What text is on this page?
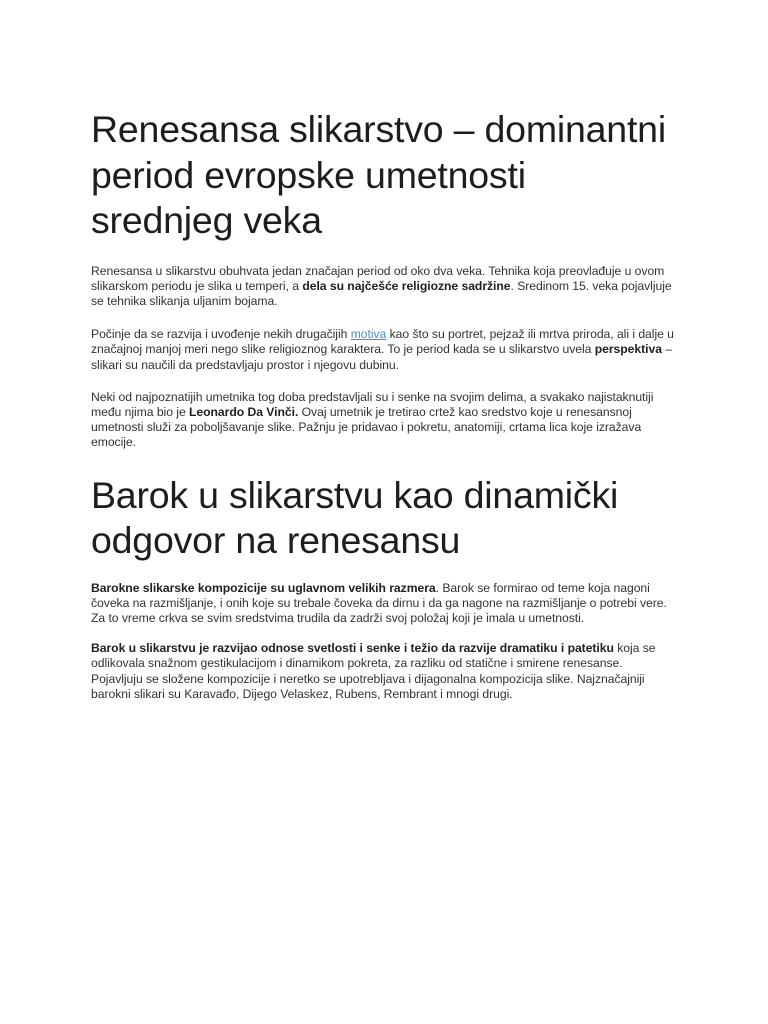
Renesansa slikarstvo – dominantni period evropske umetnosti srednjeg veka

Renesansa u slikarstvu obuhvata jedan značajan period od oko dva veka. Tehnika koja preovlađuje u ovom slikarskom periodu je slika u temperi, a dela su najčešće religiozne sadržine. Sredinom 15. veka pojavljuje se tehnika slikanja uljanim bojama.

Počinje da se razvija i uvođenje nekih drugačijih motiva kao što su portret, pejzaž ili mrtva priroda, ali i dalje u značajnoj manjoj meri nego slike religioznog karaktera. To je period kada se u slikarstvo uvela perspektiva – slikari su naučili da predstavljaju prostor i njegovu dubinu.

Neki od najpoznatijih umetnika tog doba predstavljali su i senke na svojim delima, a svakako najistaknutiji među njima bio je Leonardo Da Vinči. Ovaj umetnik je tretirao crtež kao sredstvo koje u renesansnoj umetnosti služi za poboljšavanje slike. Pažnju je pridavao i pokretu, anatomiji, crtama lica koje izražava emocije.

Barok u slikarstvu kao dinamički odgovor na renesansu

Barokne slikarske kompozicije su uglavnom velikih razmera. Barok se formirao od teme koja nagoni čoveka na razmišljanje, i onih koje su trebale čoveka da dirnu i da ga nagone na razmišljanje o potrebi vere. Za to vreme crkva se svim sredstvima trudila da zadrži svoj položaj koji je imala u umetnosti.

Barok u slikarstvu je razvijao odnose svetlosti i senke i težio da razvije dramatiku i patetiku koja se odlikovala snažnom gestikulacijom i dinamikom pokreta, za razliku od statične i smirene renesanse. Pojavljuju se složene kompozicije i neretko se upotrebljava i dijagonalna kompozicija slike. Najznačajniji barokni slikari su Karavađo, Dijego Velaskez, Rubens, Rembrant i mnogi drugi.
